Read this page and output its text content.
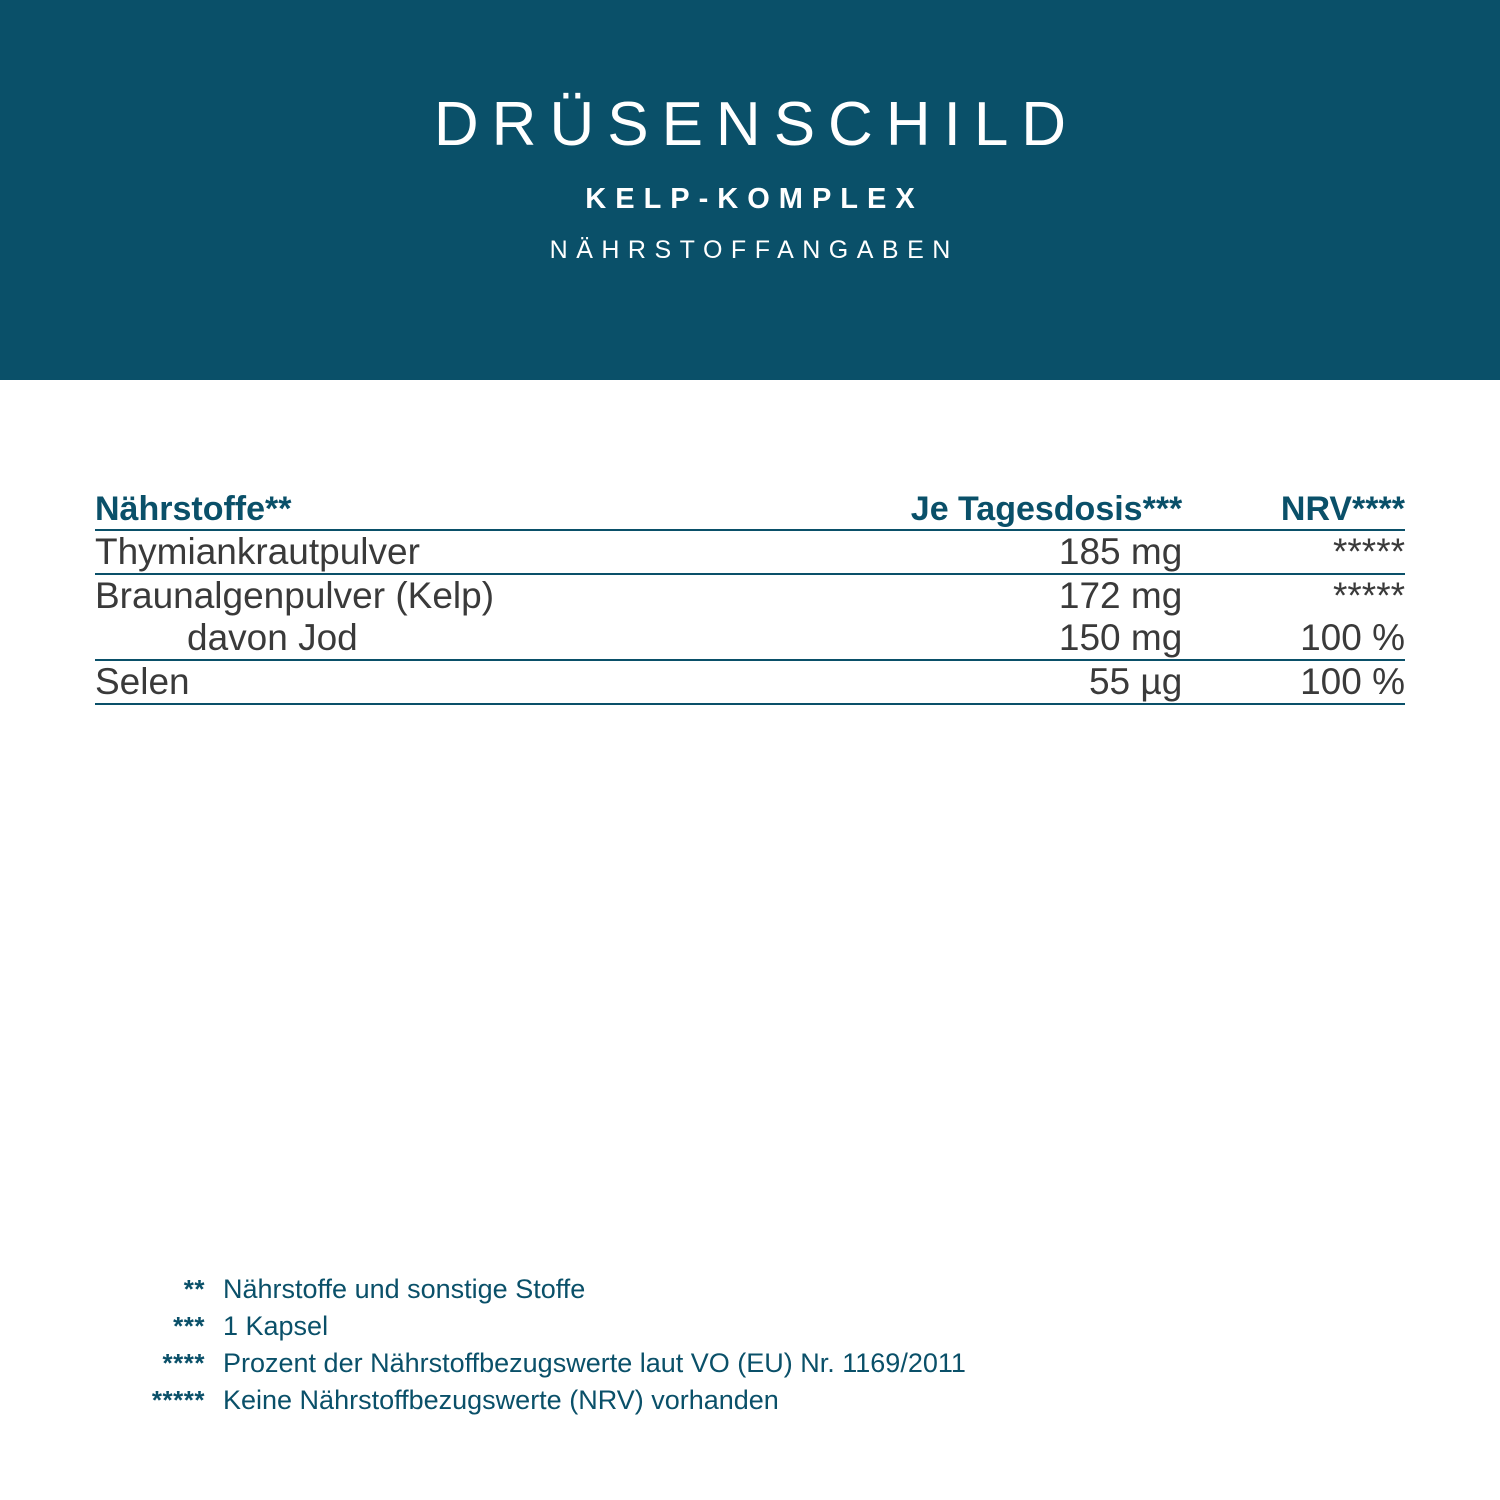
DRÜSENSCHILD
KELP-KOMPLEX
NÄHRSTOFFANGABEN
Nährstoffe**	Je Tagesdosis***	NRV****
Thymiankrautpulver	185 mg	*****
Braunalgenpulver (Kelp)	172 mg	*****
davon Jod	150 mg	100 %
Selen	55 µg	100 %
** Nährstoffe und sonstige Stoffe
*** 1 Kapsel
**** Prozent der Nährstoffbezugswerte laut VO (EU) Nr. 1169/2011
***** Keine Nährstoffbezugswerte (NRV) vorhanden
